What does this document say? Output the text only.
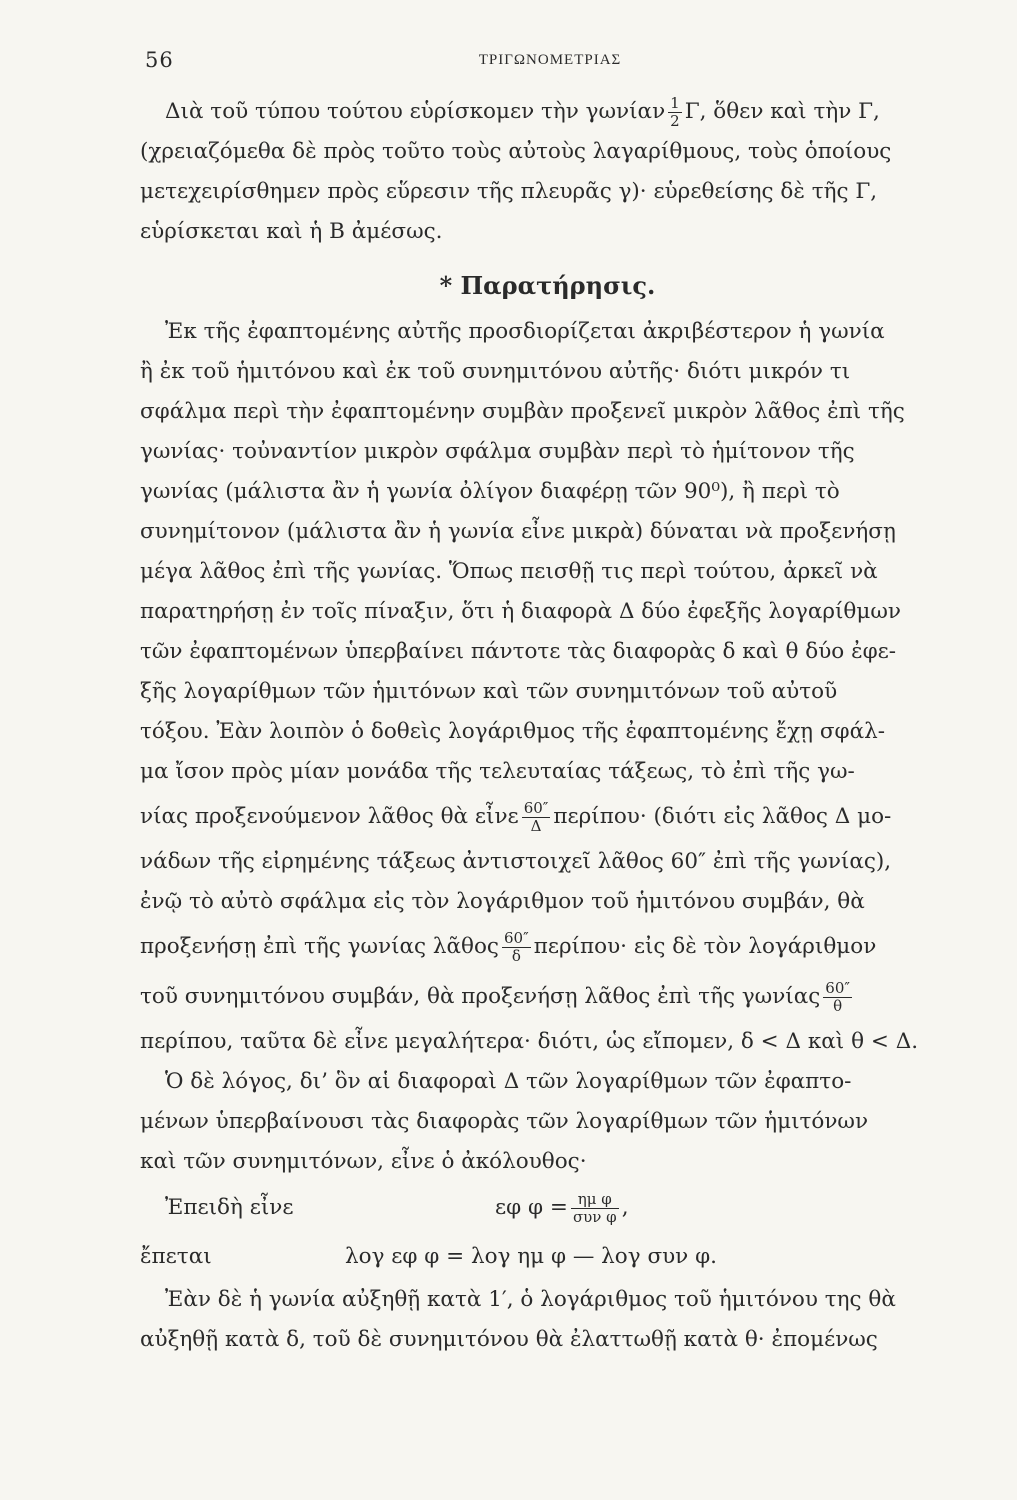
56	ΤΡΙΓΩΝΟΜΕΤΡΙΑΣ
Διὰ τοῦ τύπου τούτου εὑρίσκομεν τὴν γωνίαν $\frac{1}{2} \Gamma$, ὅθεν καὶ τὴν Γ,
(χρειαζόμεθα δὲ πρὸς τοῦτο τοὺς αὐτοὺς λαγαρίθμους, τοὺς ὁποίους
μετεχειρίσθημεν πρὸς εὕρεσιν τῆς πλευρᾶς γ)· εὑρεθείσης δὲ τῆς Γ,
εὑρίσκεται καὶ ἡ Β ἀμέσως.
* Παρατήρησις.
Ἐκ τῆς ἐφαπτομένης αὐτῆς προσδιορίζεται ἀκριβέστερον ἡ γωνία
ἢ ἐκ τοῦ ἡμιτόνου καὶ ἐκ τοῦ συνημιτόνου αὐτῆς· διότι μικρόν τι
σφάλμα περὶ τὴν ἐφαπτομένην συμβὰν προξενεῖ μικρὸν λᾶθος ἐπὶ τῆς
γωνίας· τοὐναντίον μικρὸν σφάλμα συμβὰν περὶ τὸ ἡμίτονον τῆς
γωνίας (μάλιστα ἂν ἡ γωνία ὀλίγον διαφέρῃ τῶν 90⁰), ἢ περὶ τὸ
συνημίτονον (μάλιστα ἂν ἡ γωνία εἶνε μικρὰ) δύναται νὰ προξενήσῃ
μέγα λᾶθος ἐπὶ τῆς γωνίας. Ὅπως πεισθῇ τις περὶ τούτου, ἀρκεῖ νὰ
παρατηρήσῃ ἐν τοῖς πίναξιν, ὅτι ἡ διαφορὰ Δ δύο ἐφεξῆς λογαρίθμων
τῶν ἐφαπτομένων ὑπερβαίνει πάντοτε τὰς διαφορὰς δ καὶ θ δύο ἐφε-
ξῆς λογαρίθμων τῶν ἡμιτόνων καὶ τῶν συνημιτόνων τοῦ αὐτοῦ
τόξου. Ἐὰν λοιπὸν ὁ δοθεὶς λογάριθμος τῆς ἐφαπτομένης ἔχῃ σφάλ-
μα ἴσον πρὸς μίαν μονάδα τῆς τελευταίας τάξεως, τὸ ἐπὶ τῆς γω-
νίας προξενούμενον λᾶθος θὰ εἶνε $\frac{60''}{\Delta} \pi\varepsilon\rho ί\pi o\upsilon\cdot (\delta\iota ό\tau\iota$ εἰς λᾶθος Δ μο-
νάδων τῆς εἰρημένης τάξεως ἀντιστοιχεῖ λᾶθος 60″ ἐπὶ τῆς γωνίας),
ἐνῷ τὸ αὐτὸ σφάλμα εἰς τὸν λογάριθμον τοῦ ἡμιτόνου συμβάν, θὰ
προξενήσῃ ἐπὶ τῆς γωνίας λᾶθος $\frac{60''}{\delta} \pi\varepsilon\rho ί\pi o\upsilon\cdot$ εἰς δὲ τὸν λογάριθμον
τοῦ συνημιτόνου συμβάν, θὰ προξενήσῃ λᾶθος ἐπὶ τῆς γωνίας $\frac{60''}{\theta}$
περίπου, ταῦτα δὲ εἶνε μεγαλήτερα· διότι, ὡς εἴπομεν, δ < Δ καὶ θ < Δ.
Ὁ δὲ λόγος, δι’ ὃν αἱ διαφοραὶ Δ τῶν λογαρίθμων τῶν ἐφαπτο-
μένων ὑπερβαίνουσι τὰς διαφορὰς τῶν λογαρίθμων τῶν ἡμιτόνων
καὶ τῶν συνημιτόνων, εἶνε ὁ ἀκόλουθος·
Ἐπειδὴ εἶνε	εφ $\varphi = \frac{\text{ημ φ}}{\text{συν φ}}$ ,
ἔπεται	λογ εφ φ = λογ ημ φ — λογ συν φ.
Ἐὰν δὲ ἡ γωνία αὐξηθῇ κατὰ 1′, ὁ λογάριθμος τοῦ ἡμιτόνου της θὰ
αὐξηθῇ κατὰ δ, τοῦ δὲ συνημιτόνου θὰ ἐλαττωθῇ κατὰ θ· ἐπομένως
